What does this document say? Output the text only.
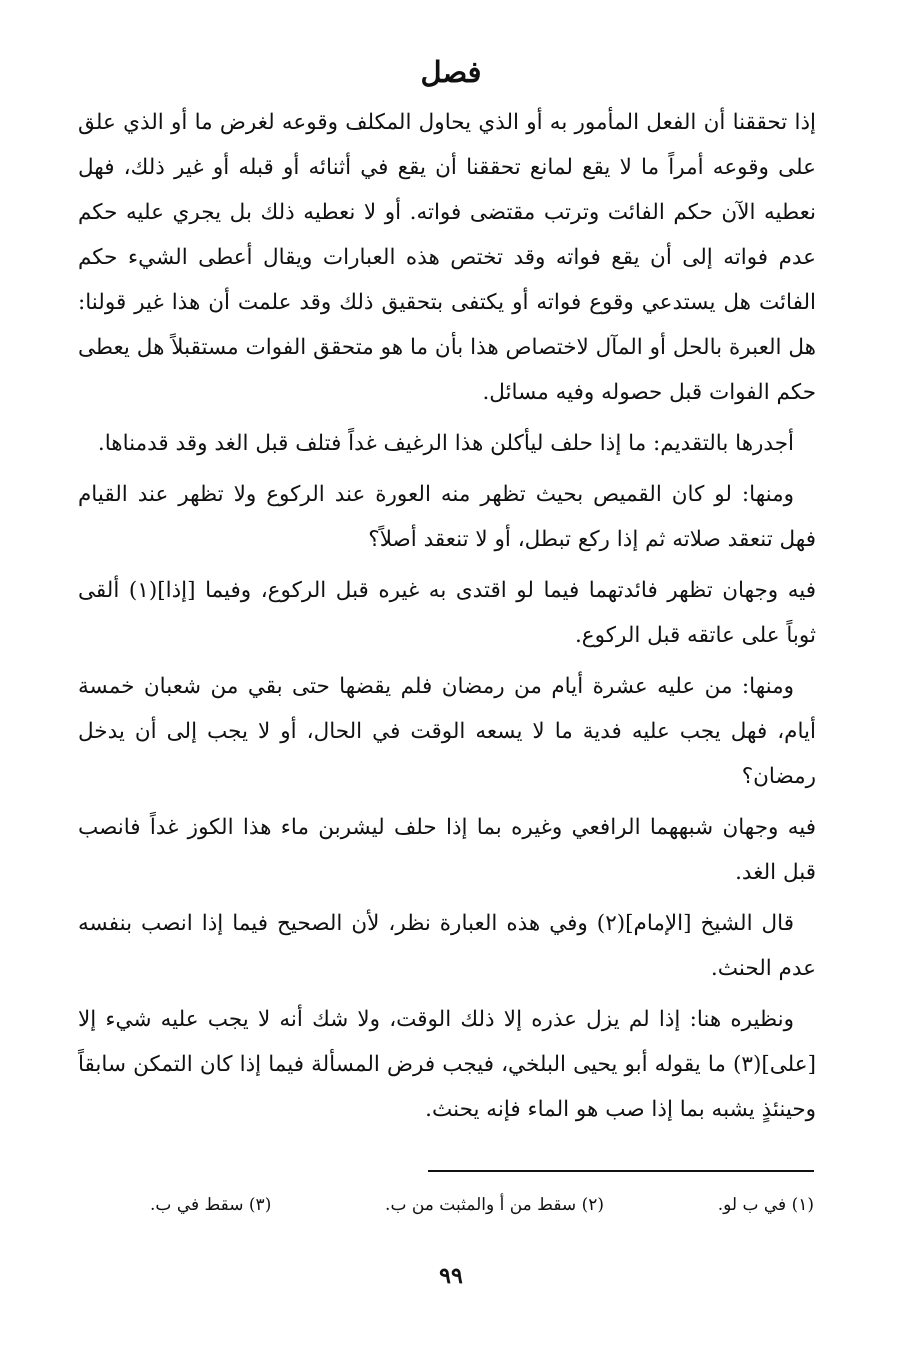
فصل

إذا تحققنا أن الفعل المأمور به أو الذي يحاول المكلف وقوعه لغرض ما أو الذي علق على وقوعه أمراً ما لا يقع لمانع تحققنا أن يقع في أثنائه أو قبله أو غير ذلك، فهل نعطيه الآن حكم الفائت وترتب مقتضى فواته. أو لا نعطيه ذلك بل يجري عليه حكم عدم فواته إلى أن يقع فواته وقد تختص هذه العبارات ويقال أعطى الشيء حكم الفائت هل يستدعي وقوع فواته أو يكتفى بتحقيق ذلك وقد علمت أن هذا غير قولنا: هل العبرة بالحل أو المآل لاختصاص هذا بأن ما هو متحقق الفوات مستقبلاً هل يعطى حكم الفوات قبل حصوله وفيه مسائل.

أجدرها بالتقديم: ما إذا حلف ليأكلن هذا الرغيف غداً فتلف قبل الغد وقد قدمناها.

ومنها: لو كان القميص بحيث تظهر منه العورة عند الركوع ولا تظهر عند القيام فهل تنعقد صلاته ثم إذا ركع تبطل، أو لا تنعقد أصلاً؟

فيه وجهان تظهر فائدتهما فيما لو اقتدى به غيره قبل الركوع، وفيما [إذا](١) ألقى ثوباً على عاتقه قبل الركوع.

ومنها: من عليه عشرة أيام من رمضان فلم يقضها حتى بقي من شعبان خمسة أيام، فهل يجب عليه فدية ما لا يسعه الوقت في الحال، أو لا يجب إلى أن يدخل رمضان؟

فيه وجهان شبههما الرافعي وغيره بما إذا حلف ليشربن ماء هذا الكوز غداً فانصب قبل الغد.

قال الشيخ [الإمام](٢) وفي هذه العبارة نظر، لأن الصحيح فيما إذا انصب بنفسه عدم الحنث.

ونظيره هنا: إذا لم يزل عذره إلا ذلك الوقت، ولا شك أنه لا يجب عليه شيء إلا [على](٣) ما يقوله أبو يحيى البلخي، فيجب فرض المسألة فيما إذا كان التمكن سابقاً وحينئذٍ يشبه بما إذا صب هو الماء فإنه يحنث.

(١) في ب لو.
(٢) سقط من أ والمثبت من ب.
(٣) سقط في ب.
٩٩
